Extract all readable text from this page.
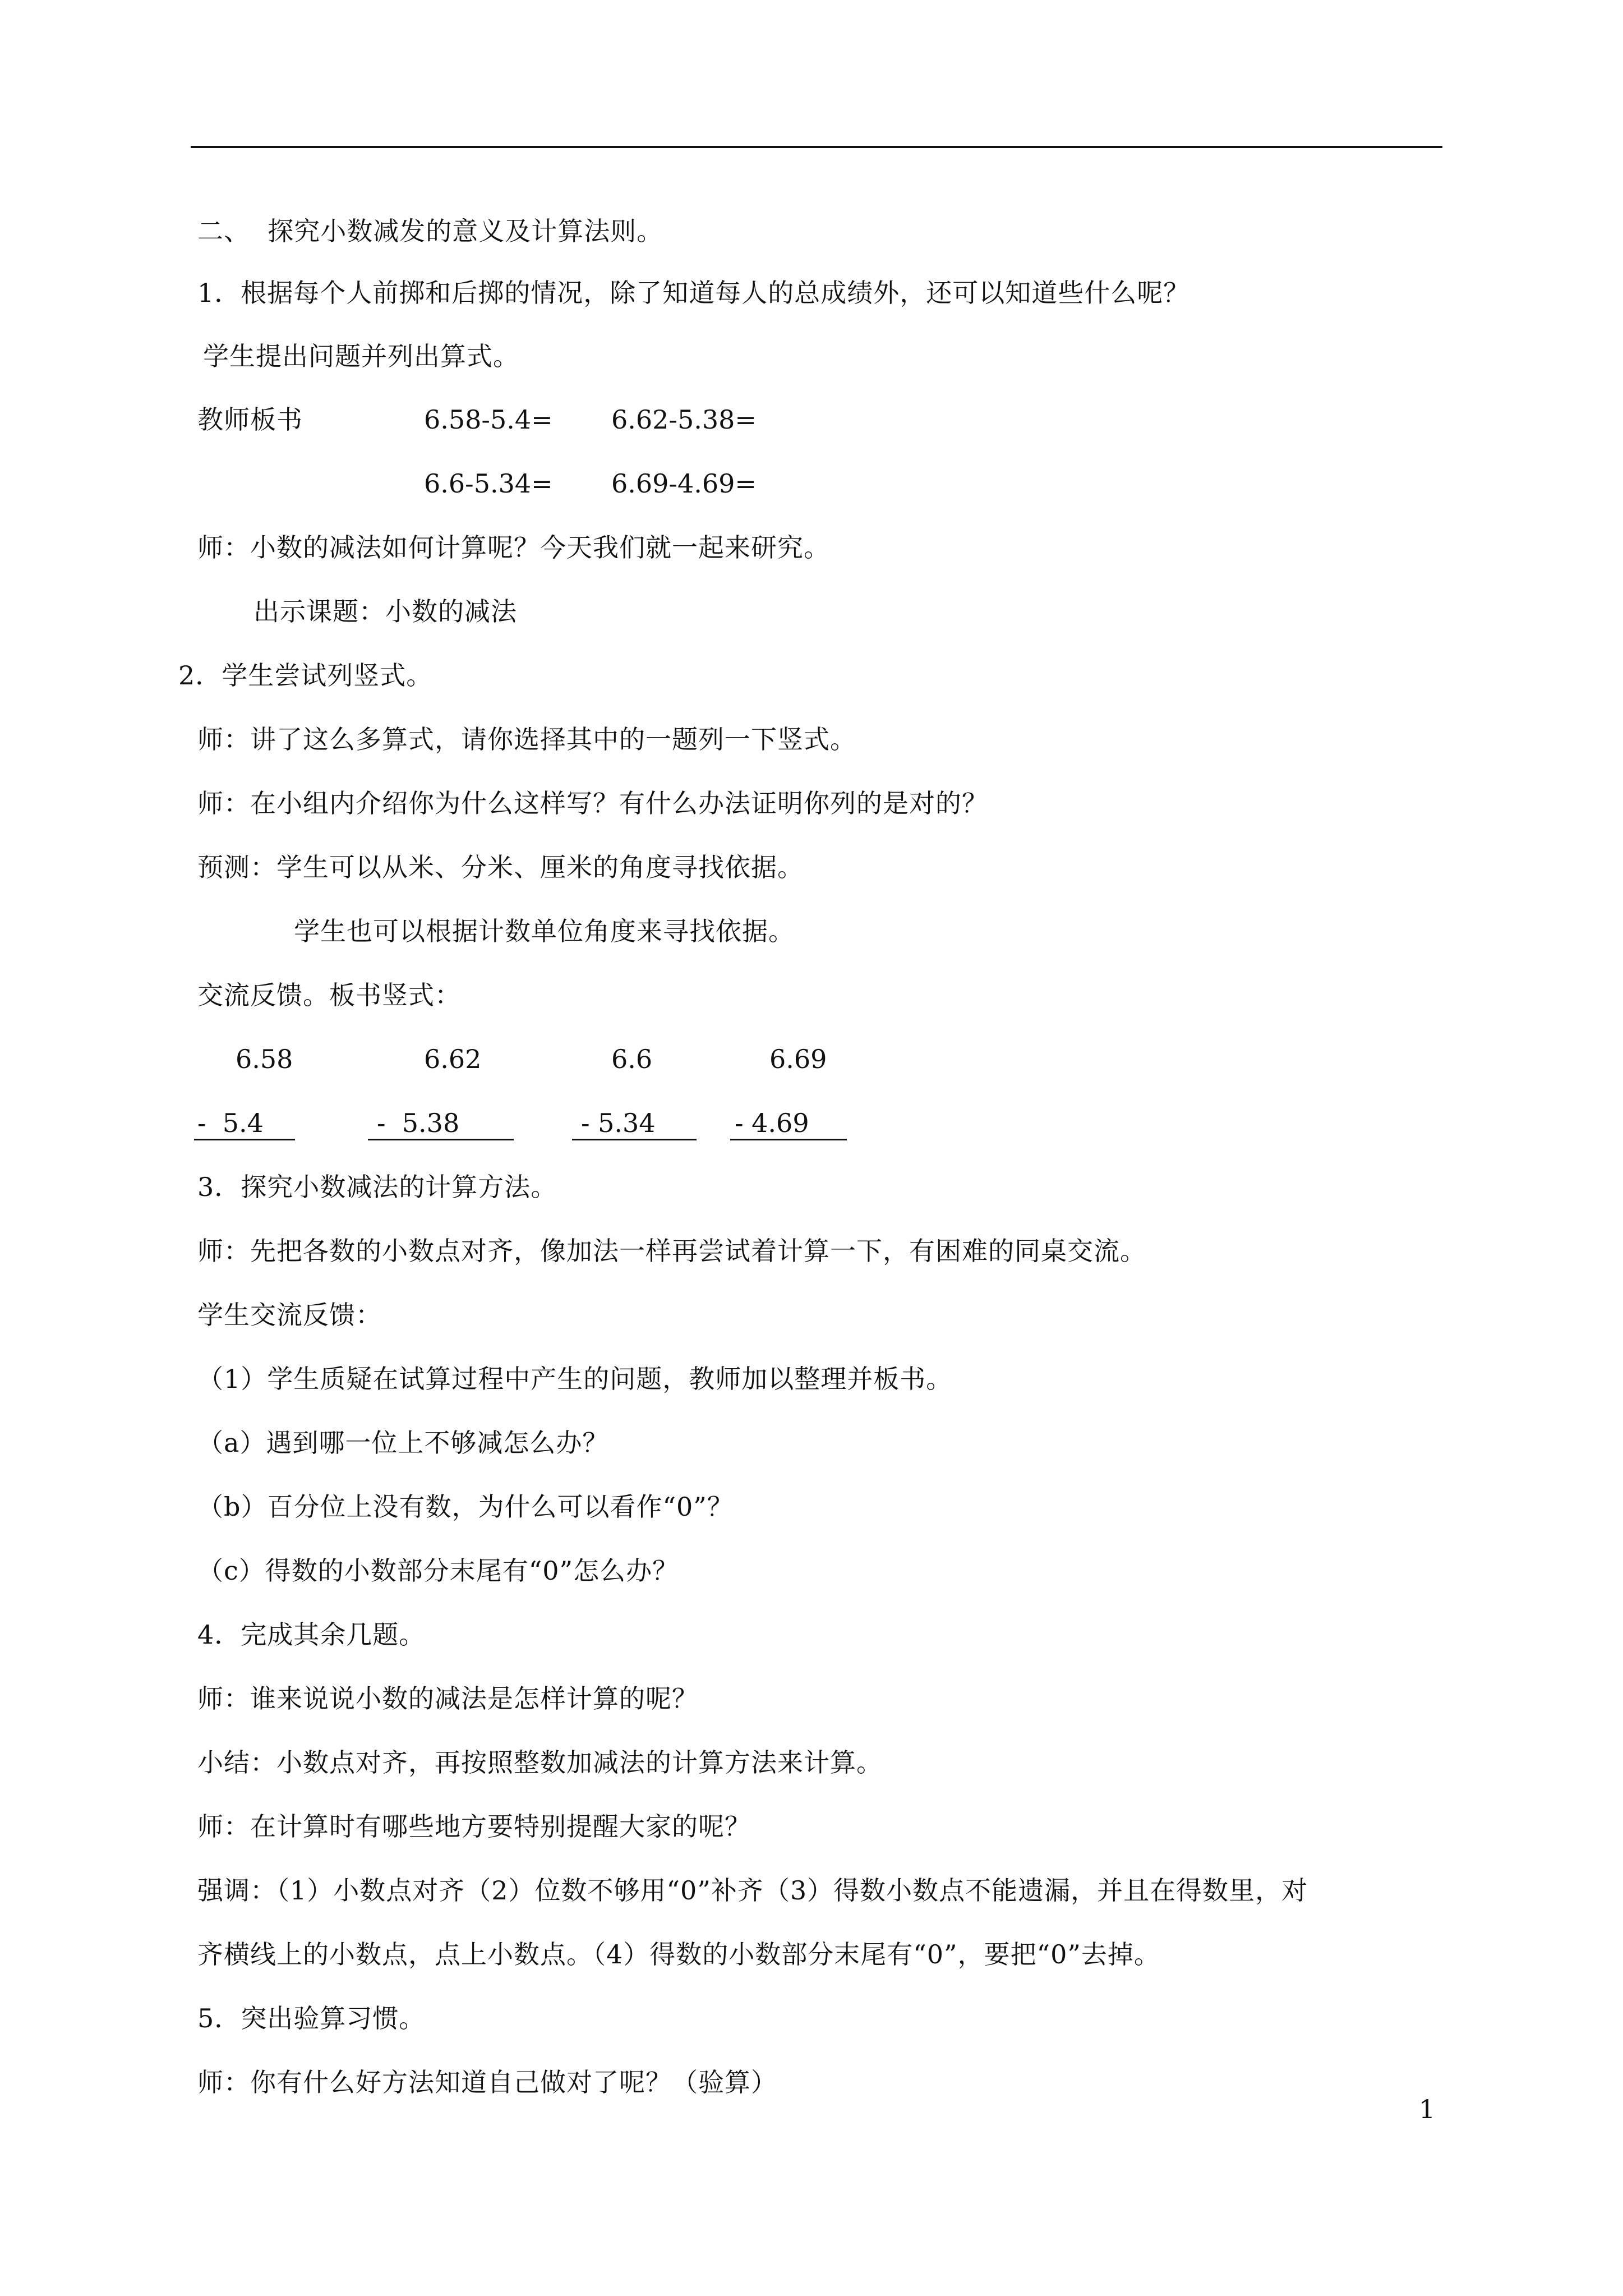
二、  探究小数减发的意义及计算法则。
1．根据每个人前掷和后掷的情况，除了知道每人的总成绩外，还可以知道些什么呢？
学生提出问题并列出算式。
教师板书	6.58-5.4= 6.62-5.38=
6.6-5.34= 6.69-4.69=
师：小数的减法如何计算呢？今天我们就一起来研究。
出示课题：小数的减法
2．学生尝试列竖式。
师：讲了这么多算式，请你选择其中的一题列一下竖式。
师：在小组内介绍你为什么这样写？有什么办法证明你列的是对的？
预测：学生可以从米、分米、厘米的角度寻找依据。
学生也可以根据计数单位角度来寻找依据。
交流反馈。板书竖式：
6.58	6.62	6.6	6.69
-  5.4	-  5.38	- 5.34	- 4.69
3．探究小数减法的计算方法。
师：先把各数的小数点对齐，像加法一样再尝试着计算一下，有困难的同桌交流。
学生交流反馈：
（1）学生质疑在试算过程中产生的问题，教师加以整理并板书。
（a）遇到哪一位上不够减怎么办？
（b）百分位上没有数，为什么可以看作“0”？
（c）得数的小数部分末尾有“0”怎么办？
4．完成其余几题。
师：谁来说说小数的减法是怎样计算的呢？
小结：小数点对齐，再按照整数加减法的计算方法来计算。
师：在计算时有哪些地方要特别提醒大家的呢？
强调：（1）小数点对齐（2）位数不够用“0”补齐（3）得数小数点不能遗漏，并且在得数里，对
齐横线上的小数点，点上小数点。（4）得数的小数部分末尾有“0”，要把“0”去掉。
5．突出验算习惯。
师：你有什么好方法知道自己做对了呢？（验算）
1
